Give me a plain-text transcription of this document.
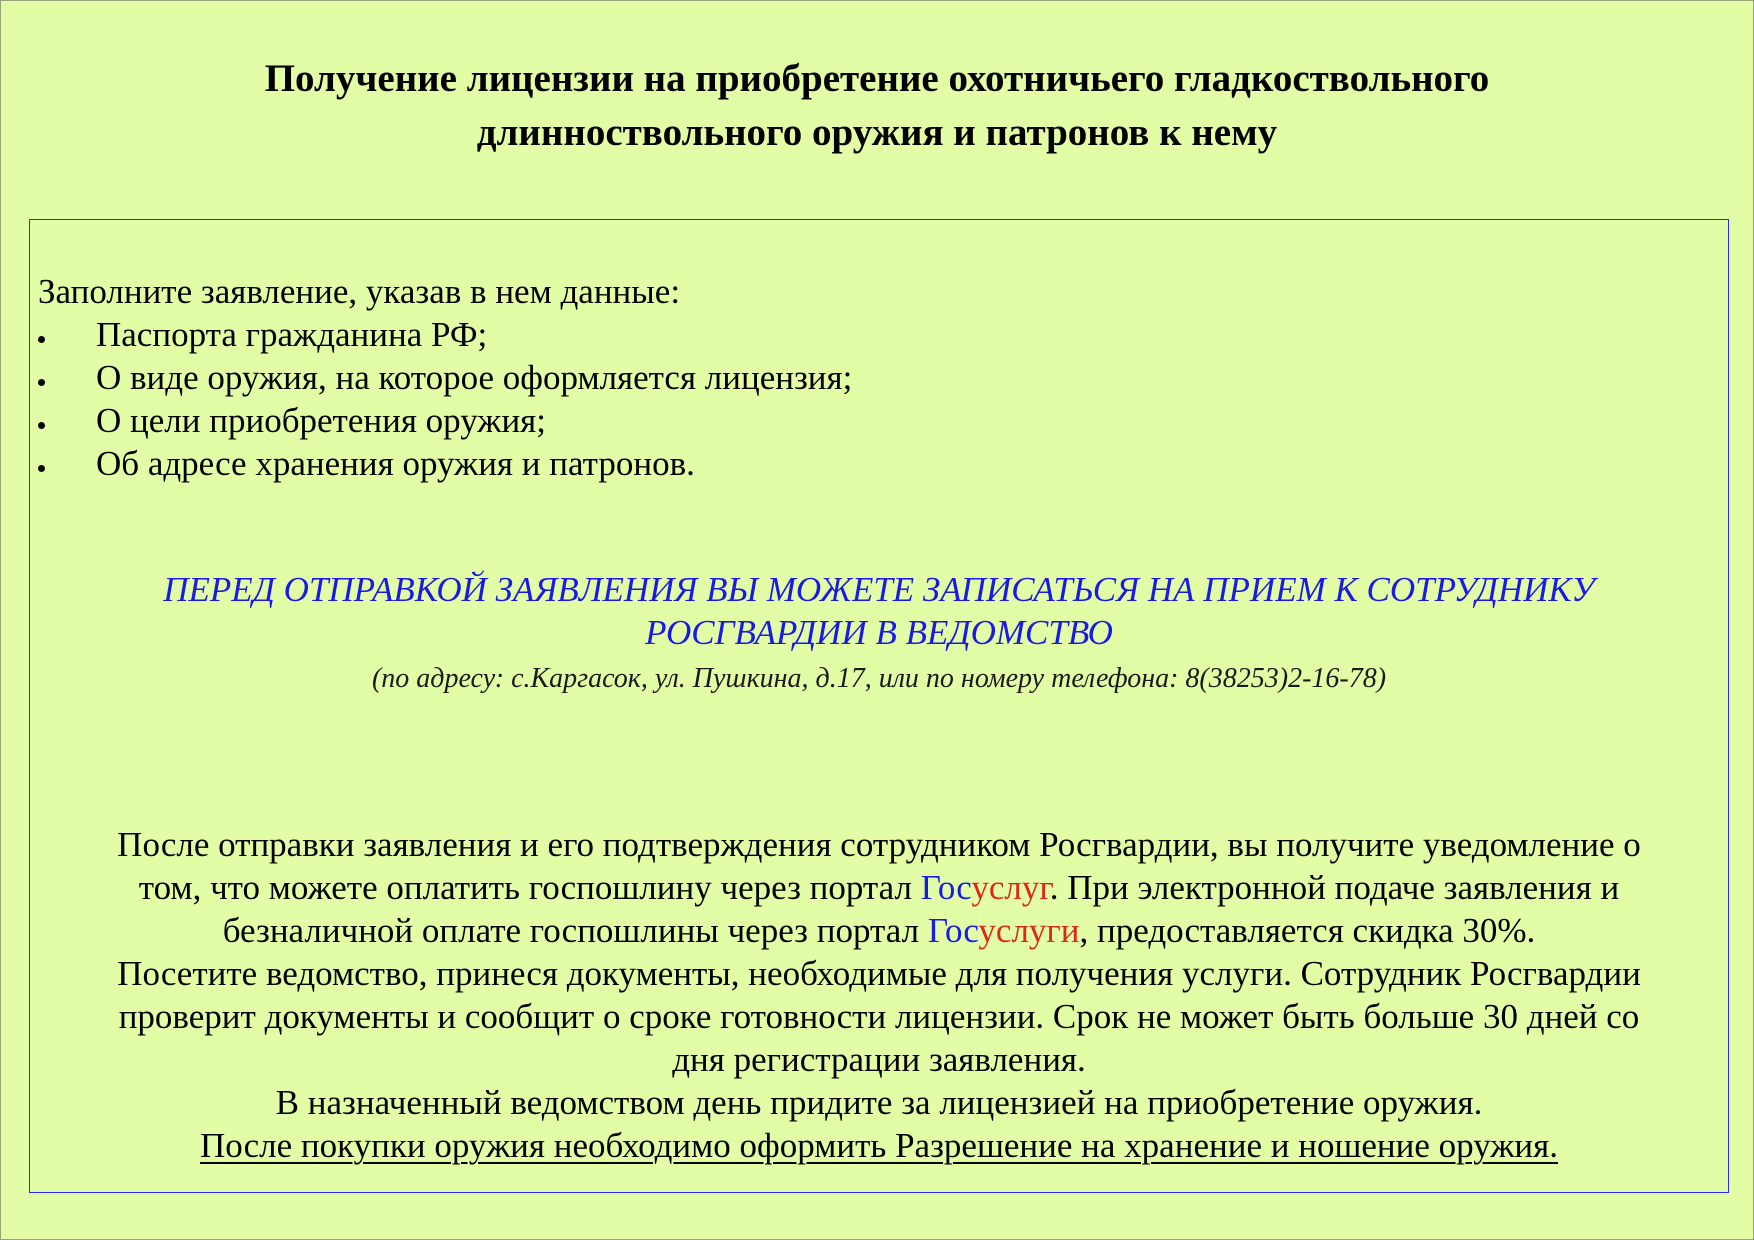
Получение лицензии на приобретение охотничьего гладкоствольного
длинноствольного оружия и патронов к нему
Заполните заявление, указав в нем данные:
Паспорта гражданина РФ;
О виде оружия, на которое оформляется лицензия;
О цели приобретения оружия;
Об адресе хранения оружия и патронов.
ПЕРЕД ОТПРАВКОЙ ЗАЯВЛЕНИЯ ВЫ МОЖЕТЕ ЗАПИСАТЬСЯ НА ПРИЕМ К СОТРУДНИКУ
РОСГВАРДИИ В ВЕДОМСТВО
(по адресу: с.Каргасок, ул. Пушкина, д.17, или по номеру телефона: 8(38253)2-16-78)
После отправки заявления и его подтверждения сотрудником Росгвардии, вы получите уведомление о
том, что можете оплатить госпошлину через портал Госуслуг. При электронной подаче заявления и
безналичной оплате госпошлины через портал Госуслуги, предоставляется скидка 30%.
Посетите ведомство, принеся документы, необходимые для получения услуги. Сотрудник Росгвардии
проверит документы и сообщит о сроке готовности лицензии. Срок не может быть больше 30 дней со
дня регистрации заявления.
В назначенный ведомством день придите за лицензией на приобретение оружия.
После покупки оружия необходимо оформить Разрешение на хранение и ношение оружия.
